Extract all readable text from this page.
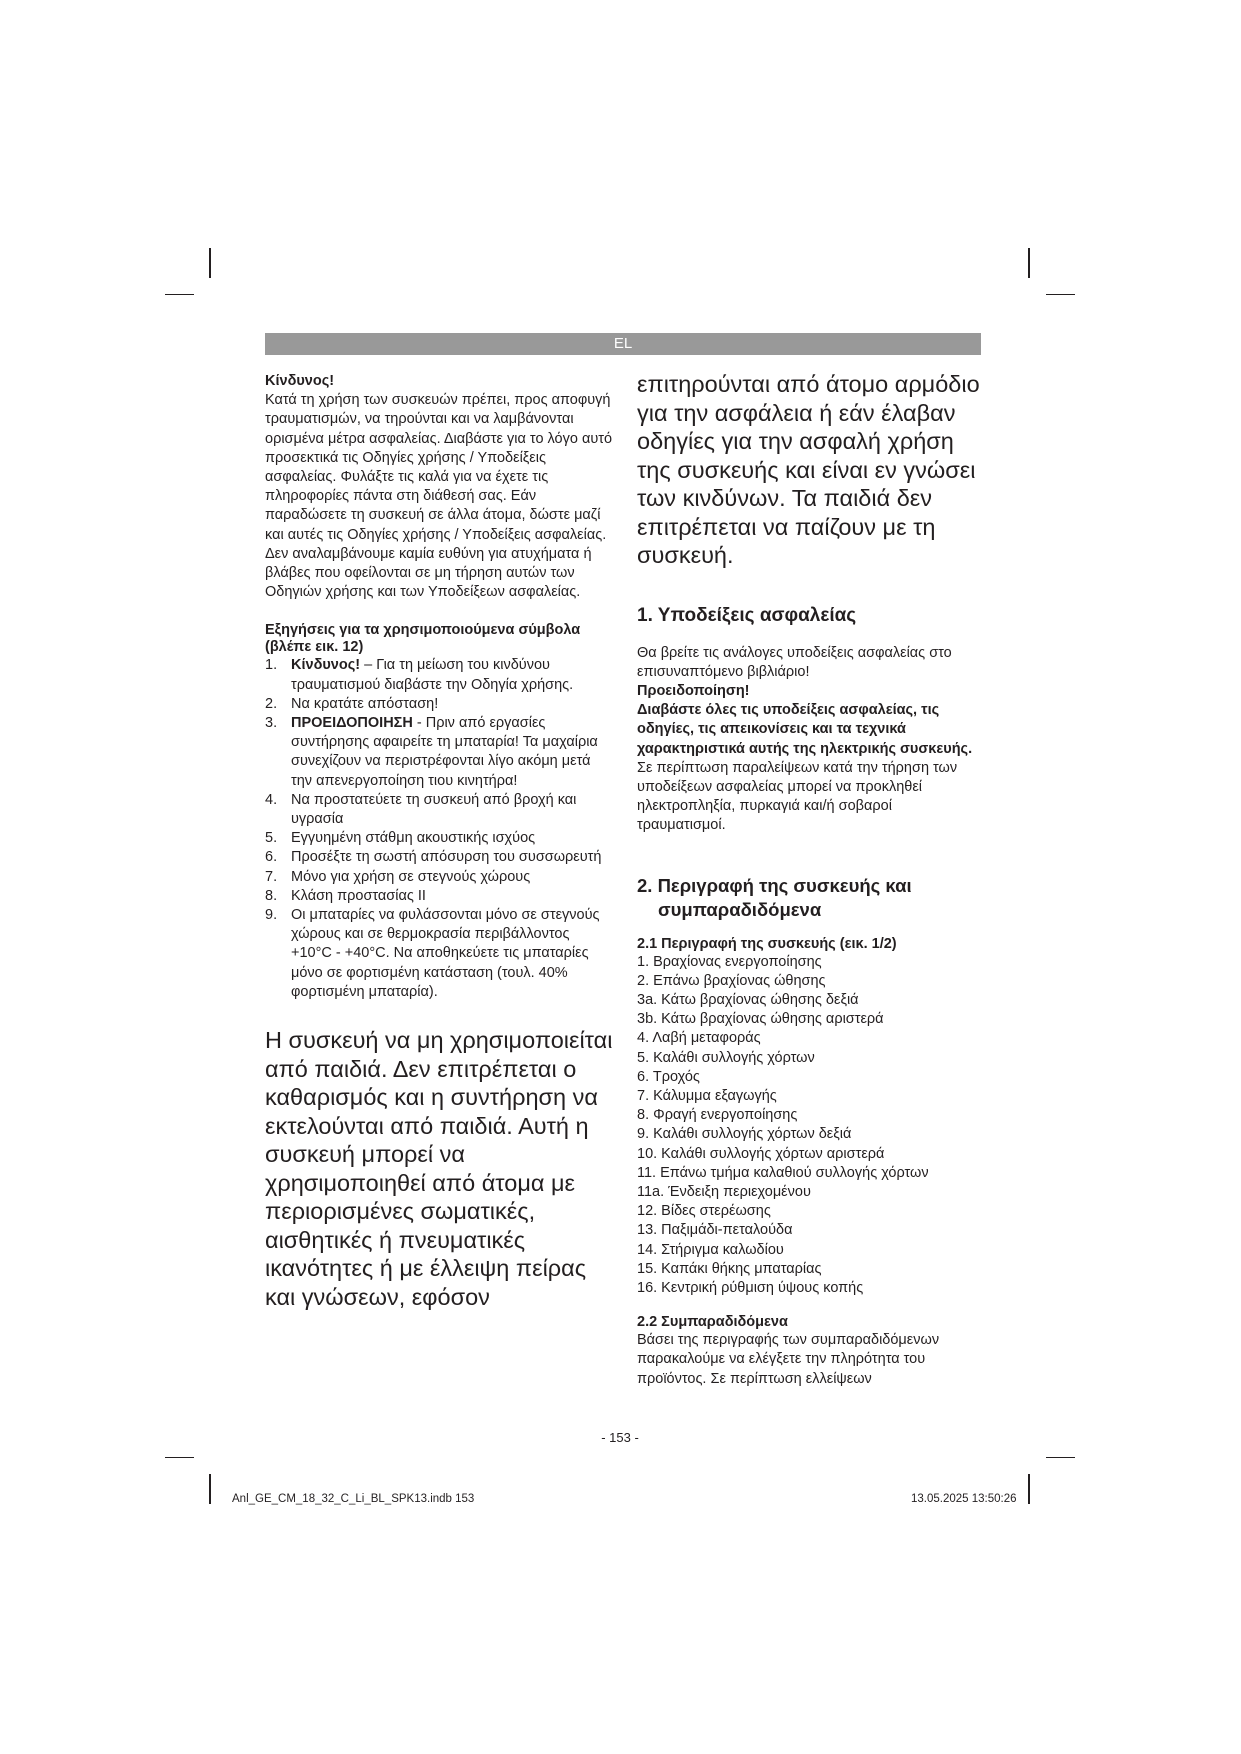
EL

Κίνδυνος!

Κατά τη χρήση των συσκευών πρέπει, προς αποφυγή τραυματισμών, να τηρούνται και να λαμβάνονται ορισμένα μέτρα ασφαλείας. Διαβάστε για το λόγο αυτό προσεκτικά τις Οδηγίες χρήσης / Υποδείξεις ασφαλείας. Φυλάξτε τις καλά για να έχετε τις πληροφορίες πάντα στη διάθεσή σας. Εάν παραδώσετε τη συσκευή σε άλλα άτομα, δώστε μαζί και αυτές τις Οδηγίες χρήσης / Υποδείξεις ασφαλείας. Δεν αναλαμβάνουμε καμία ευθύνη για ατυχήματα ή βλάβες που οφείλονται σε μη τήρηση αυτών των Οδηγιών χρήσης και των Υποδείξεων ασφαλείας.

Εξηγήσεις για τα χρησιμοποιούμενα σύμβολα (βλέπε εικ. 12)

1. Κίνδυνος! – Για τη μείωση του κινδύνου τραυματισμού διαβάστε την Οδηγία χρήσης.
2. Να κρατάτε απόσταση!
3. ΠΡΟΕΙΔΟΠΟΙΗΣΗ - Πριν από εργασίες συντήρησης αφαιρείτε τη μπαταρία! Τα μαχαίρια συνεχίζουν να περιστρέφονται λίγο ακόμη μετά την απενεργοποίηση τιου κινητήρα!
4. Να προστατεύετε τη συσκευή από βροχή και υγρασία
5. Εγγυημένη στάθμη ακουστικής ισχύος
6. Προσέξτε τη σωστή απόσυρση του συσσωρευτή
7. Μόνο για χρήση σε στεγνούς χώρους
8. Κλάση προστασίας II
9. Οι μπαταρίες να φυλάσσονται μόνο σε στεγνούς χώρους και σε θερμοκρασία περιβάλλοντος +10°C - +40°C. Να αποθηκεύετε τις μπαταρίες μόνο σε φορτισμένη κατάσταση (τουλ. 40% φορτισμένη μπαταρία).

Η συσκευή να μη χρησιμοποιείται από παιδιά. Δεν επιτρέπεται ο καθαρισμός και η συντήρηση να εκτελούνται από παιδιά. Αυτή η συσκευή μπορεί να χρησιμοποιηθεί από άτομα με περιορισμένες σωματικές, αισθητικές ή πνευματικές ικανότητες ή με έλλειψη πείρας και γνώσεων, εφόσον

επιτηρούνται από άτομο αρμόδιο για την ασφάλεια ή εάν έλαβαν οδηγίες για την ασφαλή χρήση της συσκευής και είναι εν γνώσει των κινδύνων. Τα παιδιά δεν επιτρέπεται να παίζουν με τη συσκευή.

1. Υποδείξεις ασφαλείας

Θα βρείτε τις ανάλογες υποδείξεις ασφαλείας στο επισυναπτόμενο βιβλιάριο!

Προειδοποίηση!

Διαβάστε όλες τις υποδείξεις ασφαλείας, τις οδηγίες, τις απεικονίσεις και τα τεχνικά χαρακτηριστικά αυτής της ηλεκτρικής συσκευής. Σε περίπτωση παραλείψεων κατά την τήρηση των υποδείξεων ασφαλείας μπορεί να προκληθεί ηλεκτροπληξία, πυρκαγιά και/ή σοβαροί τραυματισμοί.

2. Περιγραφή της συσκευής και

συμπαραδιδόμενα

2.1 Περιγραφή της συσκευής (εικ. 1/2)

1. Βραχίονας ενεργοποίησης
2. Επάνω βραχίονας ώθησης
3a. Κάτω βραχίονας ώθησης δεξιά
3b. Κάτω βραχίονας ώθησης αριστερά
4. Λαβή μεταφοράς
5. Καλάθι συλλογής χόρτων
6. Τροχός
7. Κάλυμμα εξαγωγής
8. Φραγή ενεργοποίησης
9. Καλάθι συλλογής χόρτων δεξιά
10. Καλάθι συλλογής χόρτων αριστερά
11. Επάνω τμήμα καλαθιού συλλογής χόρτων
11a. Ένδειξη περιεχομένου
12. Βίδες στερέωσης
13. Παξιμάδι-πεταλούδα
14. Στήριγμα καλωδίου
15. Καπάκι θήκης μπαταρίας
16. Κεντρική ρύθμιση ύψους κοπής

2.2 Συμπαραδιδόμενα

Βάσει της περιγραφής των συμπαραδιδόμενων παρακαλούμε να ελέγξετε την πληρότητα του προϊόντος. Σε περίπτωση ελλείψεων

- 153 -
Anl_GE_CM_18_32_C_Li_BL_SPK13.indb 153	13.05.2025 13:50:26
